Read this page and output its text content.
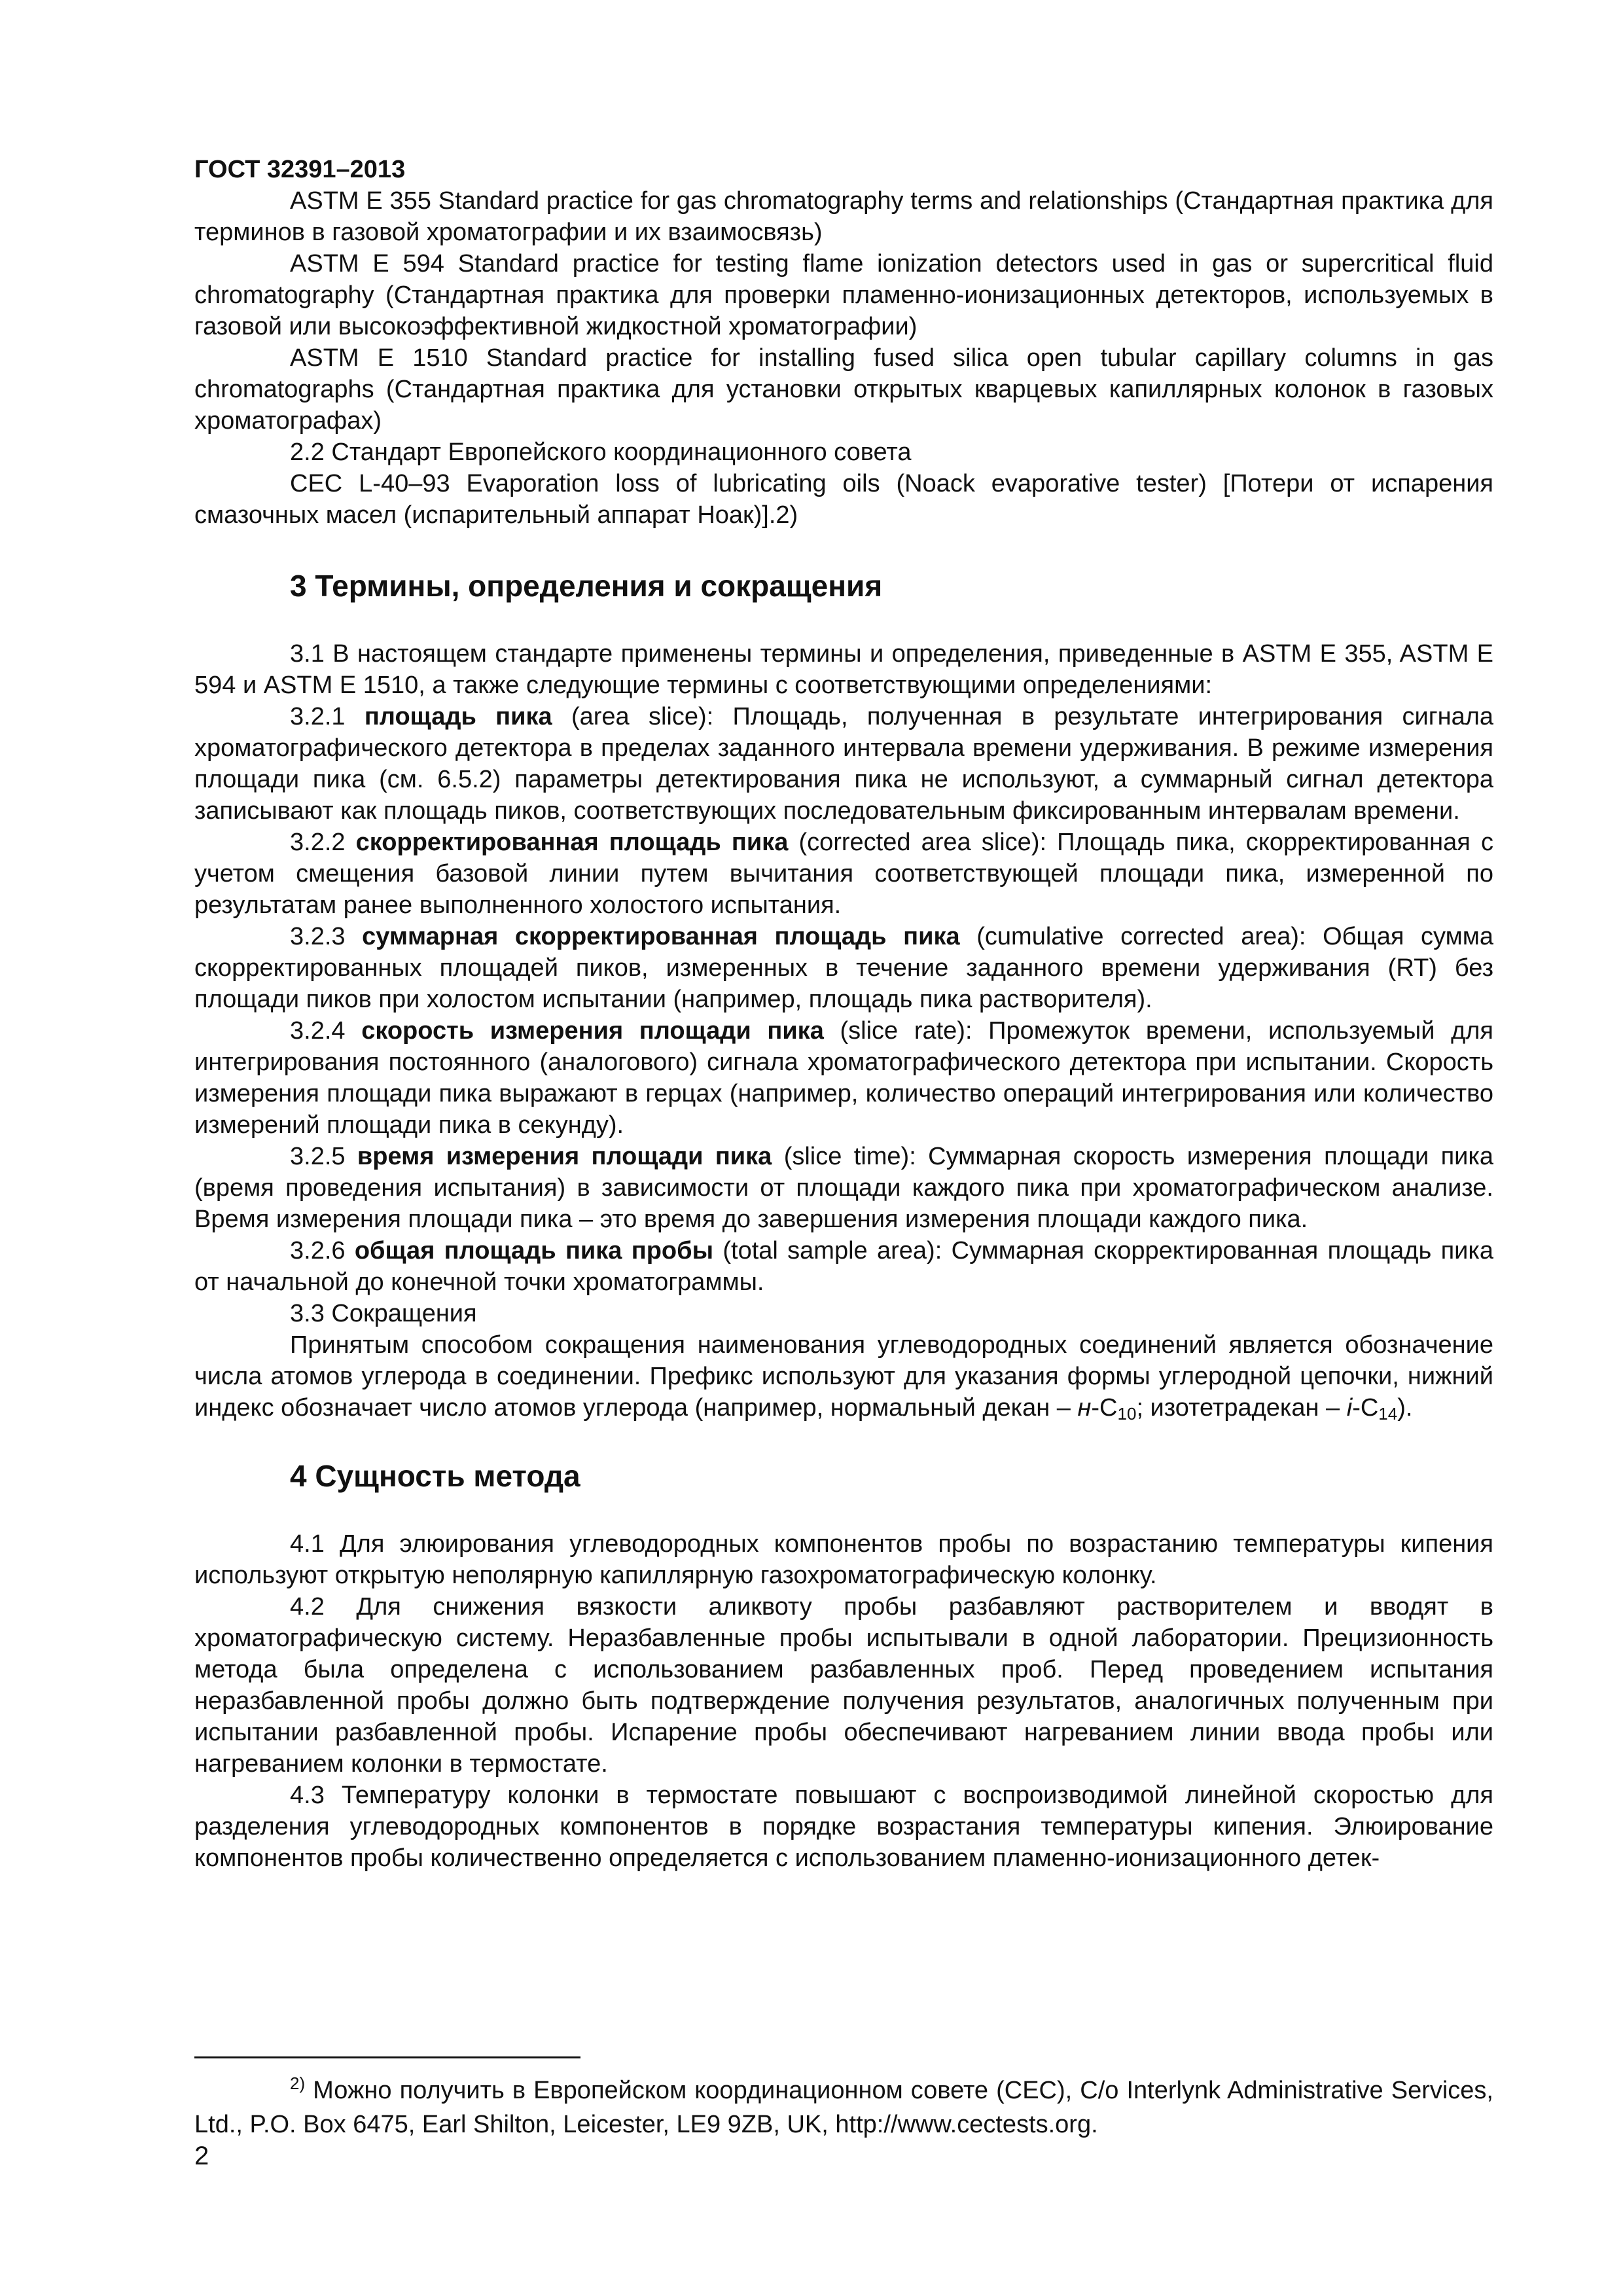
ГОСТ 32391–2013

ASTM E 355 Standard practice for gas chromatography terms and relationships (Стандартная практика для терминов в газовой хроматографии и их взаимосвязь)

ASTM E 594 Standard practice for testing flame ionization detectors used in gas or supercritical fluid chromatography (Стандартная практика для проверки пламенно-ионизационных детекторов, используемых в газовой или высокоэффективной жидкостной хроматографии)

ASTM E 1510 Standard practice for installing fused silica open tubular capillary columns in gas chromatographs (Стандартная практика для установки открытых кварцевых капиллярных колонок в газовых хроматографах)

2.2 Стандарт Европейского координационного совета

CEC L-40–93 Evaporation loss of lubricating oils (Noack evaporative tester) [Потери от испарения смазочных масел (испарительный аппарат Ноак)].2)

3 Термины, определения и сокращения

3.1 В настоящем стандарте применены термины и определения, приведенные в ASTM E 355, ASTM E 594 и ASTM E 1510, а также следующие термины с соответствующими определениями:

3.2.1 площадь пика (area slice): Площадь, полученная в результате интегрирования сигнала хроматографического детектора в пределах заданного интервала времени удерживания. В режиме измерения площади пика (см. 6.5.2) параметры детектирования пика не используют, а суммарный сигнал детектора записывают как площадь пиков, соответствующих последовательным фиксированным интервалам времени.

3.2.2 скорректированная площадь пика (corrected area slice): Площадь пика, скорректированная с учетом смещения базовой линии путем вычитания соответствующей площади пика, измеренной по результатам ранее выполненного холостого испытания.

3.2.3 суммарная скорректированная площадь пика (cumulative corrected area): Общая сумма скорректированных площадей пиков, измеренных в течение заданного времени удерживания (RT) без площади пиков при холостом испытании (например, площадь пика растворителя).

3.2.4 скорость измерения площади пика (slice rate): Промежуток времени, используемый для интегрирования постоянного (аналогового) сигнала хроматографического детектора при испытании. Скорость измерения площади пика выражают в герцах (например, количество операций интегрирования или количество измерений площади пика в секунду).

3.2.5 время измерения площади пика (slice time): Суммарная скорость измерения площади пика (время проведения испытания) в зависимости от площади каждого пика при хроматографическом анализе. Время измерения площади пика – это время до завершения измерения площади каждого пика.

3.2.6 общая площадь пика пробы (total sample area): Суммарная скорректированная площадь пика от начальной до конечной точки хроматограммы.

3.3 Сокращения

Принятым способом сокращения наименования углеводородных соединений является обозначение числа атомов углерода в соединении. Префикс используют для указания формы углеродной цепочки, нижний индекс обозначает число атомов углерода (например, нормальный декан – $н-C_{10}$; изотетрадекан – $i-C_{14}$).

4 Сущность метода

4.1 Для элюирования углеводородных компонентов пробы по возрастанию температуры кипения используют открытую неполярную капиллярную газохроматографическую колонку.

4.2 Для снижения вязкости аликвоту пробы разбавляют растворителем и вводят в хроматографическую систему. Неразбавленные пробы испытывали в одной лаборатории. Прецизионность метода была определена с использованием разбавленных проб. Перед проведением испытания неразбавленной пробы должно быть подтверждение получения результатов, аналогичных полученным при испытании разбавленной пробы. Испарение пробы обеспечивают нагреванием линии ввода пробы или нагреванием колонки в термостате.

4.3 Температуру колонки в термостате повышают с воспроизводимой линейной скоростью для разделения углеводородных компонентов в порядке возрастания температуры кипения. Элюирование компонентов пробы количественно определяется с использованием пламенно-ионизационного детек-

$^{2)}$ Можно получить в Европейском координационном совете (CEC), C/o Interlynk Administrative Services, Ltd., P.O. Box 6475, Earl Shilton, Leicester, LE9 9ZB, UK, http://www.cectests.org.

2
